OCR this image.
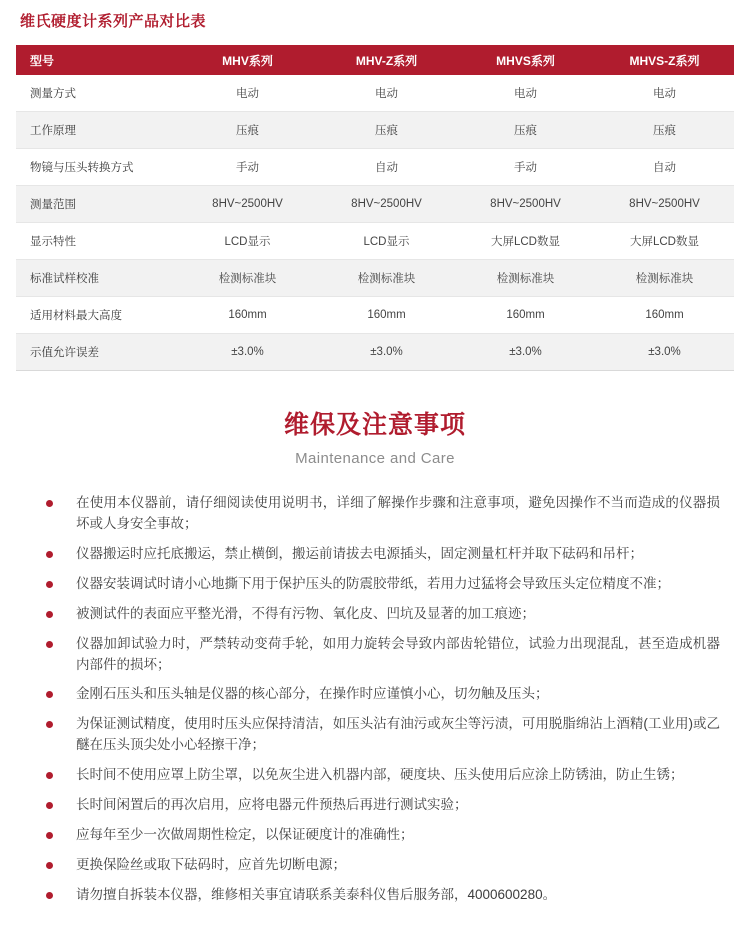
维氏硬度计系列产品对比表
型号	MHV系列	MHV-Z系列	MHVS系列	MHVS-Z系列
测量方式	电动	电动	电动	电动
工作原理	压痕	压痕	压痕	压痕
物镜与压头转换方式	手动	自动	手动	自动
测量范围	8HV~2500HV	8HV~2500HV	8HV~2500HV	8HV~2500HV
显示特性	LCD显示	LCD显示	大屏LCD数显	大屏LCD数显
标准试样校准	检测标准块	检测标准块	检测标准块	检测标准块
适用材料最大高度	160mm	160mm	160mm	160mm
示值允许误差	±3.0%	±3.0%	±3.0%	±3.0%
维保及注意事项
Maintenance and Care
在使用本仪器前，请仔细阅读使用说明书，详细了解操作步骤和注意事项，避免因操作不当而造成的仪器损坏或人身安全事故；
仪器搬运时应托底搬运，禁止横倒，搬运前请拔去电源插头，固定测量杠杆并取下砝码和吊杆；
仪器安装调试时请小心地撕下用于保护压头的防震胶带纸，若用力过猛将会导致压头定位精度不准；
被测试件的表面应平整光滑，不得有污物、氧化皮、凹坑及显著的加工痕迹；
仪器加卸试验力时，严禁转动变荷手轮，如用力旋转会导致内部齿轮错位，试验力出现混乱，甚至造成机器内部件的损坏；
金刚石压头和压头轴是仪器的核心部分，在操作时应谨慎小心，切勿触及压头；
为保证测试精度，使用时压头应保持清洁，如压头沾有油污或灰尘等污渍，可用脱脂绵沾上酒精(工业用)或乙醚在压头顶尖处小心轻擦干净；
长时间不使用应罩上防尘罩，以免灰尘进入机器内部，硬度块、压头使用后应涂上防锈油，防止生锈；
长时间闲置后的再次启用，应将电器元件预热后再进行测试实验；
应每年至少一次做周期性检定，以保证硬度计的准确性；
更换保险丝或取下砝码时，应首先切断电源；
请勿擅自拆装本仪器，维修相关事宜请联系美泰科仪售后服务部，4000600280。
